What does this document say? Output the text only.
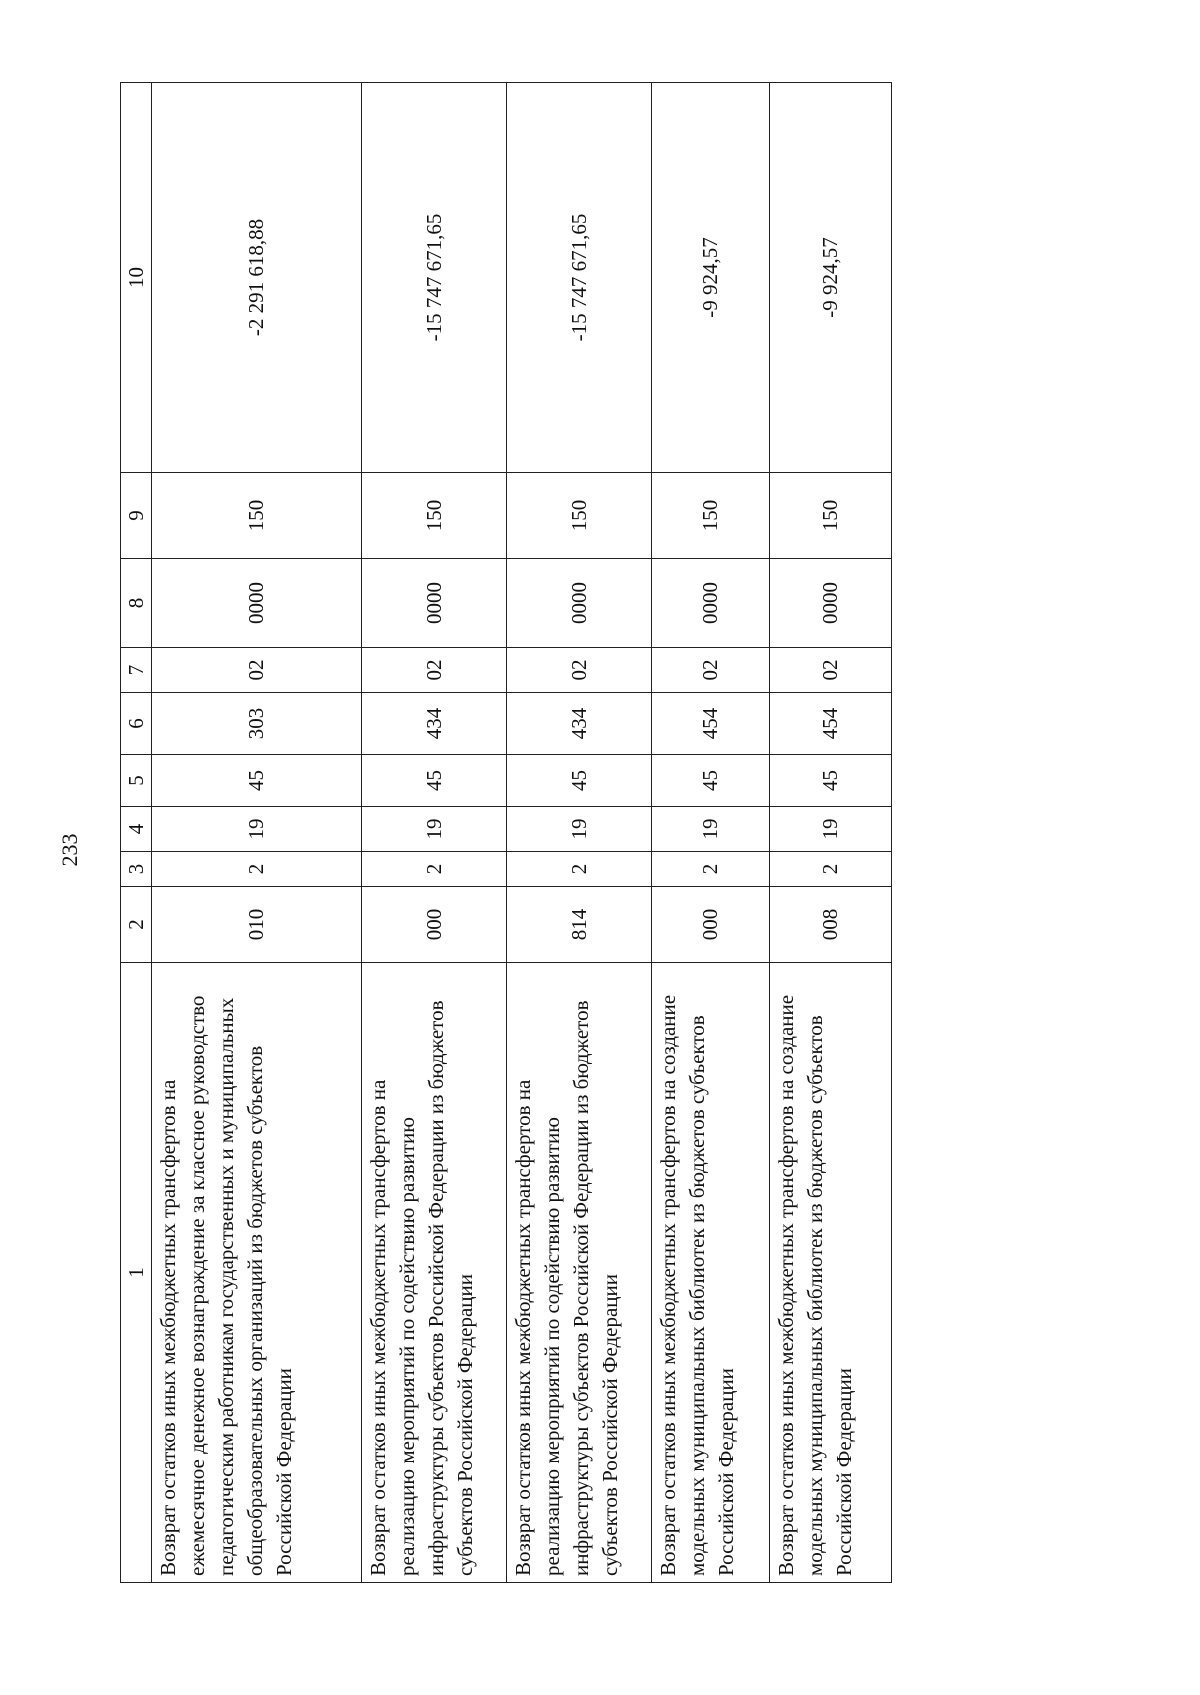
233
1	2	3	4	5	6	7	8	9	10
Возврат остатков иных межбюджетных трансфертов на ежемесячное денежное вознаграждение за классное руководство педагогическим работникам государственных и муниципальных общеобразовательных организаций из бюджетов субъектов Российской Федерации	010	2	19	45	303	02	0000	150	-2 291 618,88
Возврат остатков иных межбюджетных трансфертов на реализацию мероприятий по содействию развитию инфраструктуры субъектов Российской Федерации из бюджетов субъектов Российской Федерации	000	2	19	45	434	02	0000	150	-15 747 671,65
Возврат остатков иных межбюджетных трансфертов на реализацию мероприятий по содействию развитию инфраструктуры субъектов Российской Федерации из бюджетов субъектов Российской Федерации	814	2	19	45	434	02	0000	150	-15 747 671,65
Возврат остатков иных межбюджетных трансфертов на создание модельных муниципальных библиотек из бюджетов субъектов Российской Федерации	000	2	19	45	454	02	0000	150	-9 924,57
Возврат остатков иных межбюджетных трансфертов на создание модельных муниципальных библиотек из бюджетов субъектов Российской Федерации	008	2	19	45	454	02	0000	150	-9 924,57
